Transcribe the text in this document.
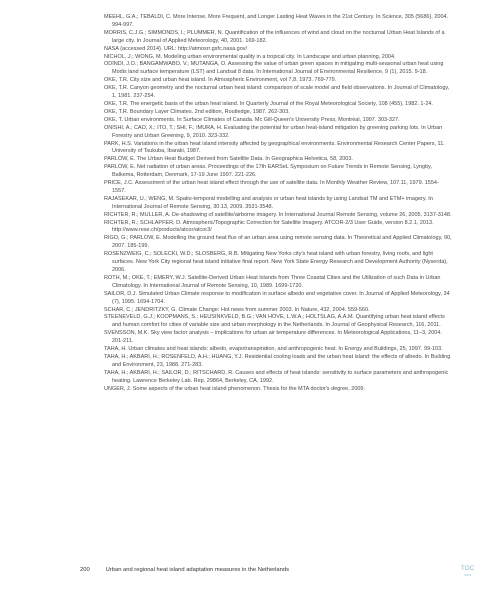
MEEHL, G.A.; TEBALDI, C. More Intense, More Frequent, and Longer Lasting Heat Waves in the 21st Century. In Science, 305 (5686), 2004. 994-997.

MORRIS, C.J.G.; SIMMONDS, I.; PLUMMER, N. Quantification of the influences of wind and cloud on the nocturnal Urban Heat Islands of a large city. In Journal of Applied Meteorology, 40, 2001. 169-182.

NASA (accessed 2014). URL: http://atmosrr.gsfc.nasa.gov/

NICHOL, J.; WONG, M. Modeling urban environmental quality in a tropical city. In Landscape and urban planning, 2004.

ODINDI, J.O.; BANGAMWABO, V.; MUTANGA, O. Assessing the value of urban green spaces in mitigating multi-seasonal urban heat using Modis land surface temperature (LST) and Landsat 8 data. In International Journal of Environmental Resilience, 9 (1), 2015. 9-18.

OKE, T.R. City size and urban heat island. In Atmospheric Environment, vol 7,8, 1973. 769-779.

OKE, T.R. Canyon geometry and the nocturnal urban heat island: comparison of scale model and field observations. In Journal of Climatology, 1, 1981. 237-254.

OKE, T.R. The energetic basis of the urban heat island. In Quarterly Journal of the Royal Meteorological Society, 108 (455), 1982. 1-24.

OKE, T.R. Boundary Layer Climates. 2nd edition, Routledge, 1987. 262-303.

OKE, T. Urban environments. In Surface Climates of Canada. Mc Gill-Queen's University Press, Montréal, 1997. 303-327.

ONISHI, A.; CAO, X.; ITO, T.; SHI, F.; IMURA, H. Evaluating the potential for urban heat-island mitigation by greening parking lots. In Urban Forestry and Urban Greening, 9, 2010. 323-332.

PARK, H.S. Variations in the urban heat island intensity affected by geographical environments. Environmental Research Center Papers, 11. University of Tsukuba, Ibaraki, 1987.

PARLOW, E. The Urban Heat Budget Derived from Satellite Data. In Geographica Helvetica, 58, 2003.

PARLOW, E. Net radiation of urban areas. Proceedings of the 17th EARSeL Symposium on Future Trends in Remote Sensing, Lyngby, Balkema, Rotterdam, Denmark, 17-19 June 1997. 221-226.

PRICE, J.C. Assessment of the urban heat island effect through the use of satellite data. In Monthly Weather Review, 107.11, 1979. 1554-1557.

RAJASEKAR, U.; WENG, M. Spatio-temporal modelling and analysis or urban heat islands by using Landsat TM and ETM+ imagery. In International Journal of Remote Sensing, 30.13, 2009. 3531-3548.

RICHTER, R.; MULLER, A. De-shadowing of satellite/airborne imagery. In International Journal Remote Sensing, volume 26, 2005. 3137-3148.

RICHTER, R.; SCHLAPFER, D. Atmospheric/Topographic Correction for Satellite Imagery. ATCOR-2/3 User Guide, version 8.2.1, 2013. http://www.rese.ch/products/atcor/atcor3/

RIGO, G.; PARLOW, E. Modelling the ground heat flux of an urban area using remote sensing data. In Theoretical and Applied Climatology, 90, 2007. 185-199.

ROSENZWEIG, C.; SOLECKI, W.D.; SLOSBERG, R.B. Mitigating New Yorks city's heat island with urban forestry, living roofs, and light surfaces. New York City regional heat island initiative final report. New York State Energy Research and Development Authority (Nyserda), 2006.

ROTH, M.; OKE, T.; EMERY, W.J. Satellite-Derived Urban Heat Islands from Three Coastal Cities and the Utilization of such Data in Urban Climatology. In International Journal of Remote Sensing, 10, 1989. 1699-1720.

SAILOR, D.J. Simulated Urban Climate response to modification in surface albedo and vegetative cover. In Journal of Applied Meteorology, 34 (7), 1995. 1694-1704.

SCHAR, C.; JENDRITZKY, G. Climate Change: Hot news from summer 2003. In Nature, 432, 2004. 559-560.

STEENEVELD, G.J.; KOOPMANS, S.; HEUSINKVELD, B.G.; VAN HOVE, L.W.A.; HOLTSLAG, A.A.M. Quantifying urban heat island effects and human comfort for cities of variable size and urban morphology in the Netherlands. In Journal of Geophysical Research, 116, 2011.

SVENSSON, M.K. Sky view factor analysis – implications for urban air temperature differences. In Meteorological Applications, 11–3, 2004. 201-211.

TAHA, H. Urban climates and heat islands: albedo, evapotranspiration, and anthropogenic heat. In Energy and Buildings, 25, 1997. 99-103.

TAHA, H.; AKBARI, H.; ROSENFELD, A.H.; HUANG, Y.J. Residential cooling loads and the urban heat island: the effects of albedo. In Building and Environment, 23, 1988. 271-283.

TAHA, H.; AKBARI, H.; SAILOR, D.; RITSCHARD, R. Causes and effects of heat islands: sensitivity to surface parameters and anthropogenic heating. Lawrence Berkeley Lab. Rep. 29864, Berkeley, CA, 1992.

UNGER, J. Some aspects of the urban heat island phenomenon. Thesis for the MTA doctor's degree, 2009.

200	Urban and regional heat island adaptation measures in the Netherlands	TOC
•••••
